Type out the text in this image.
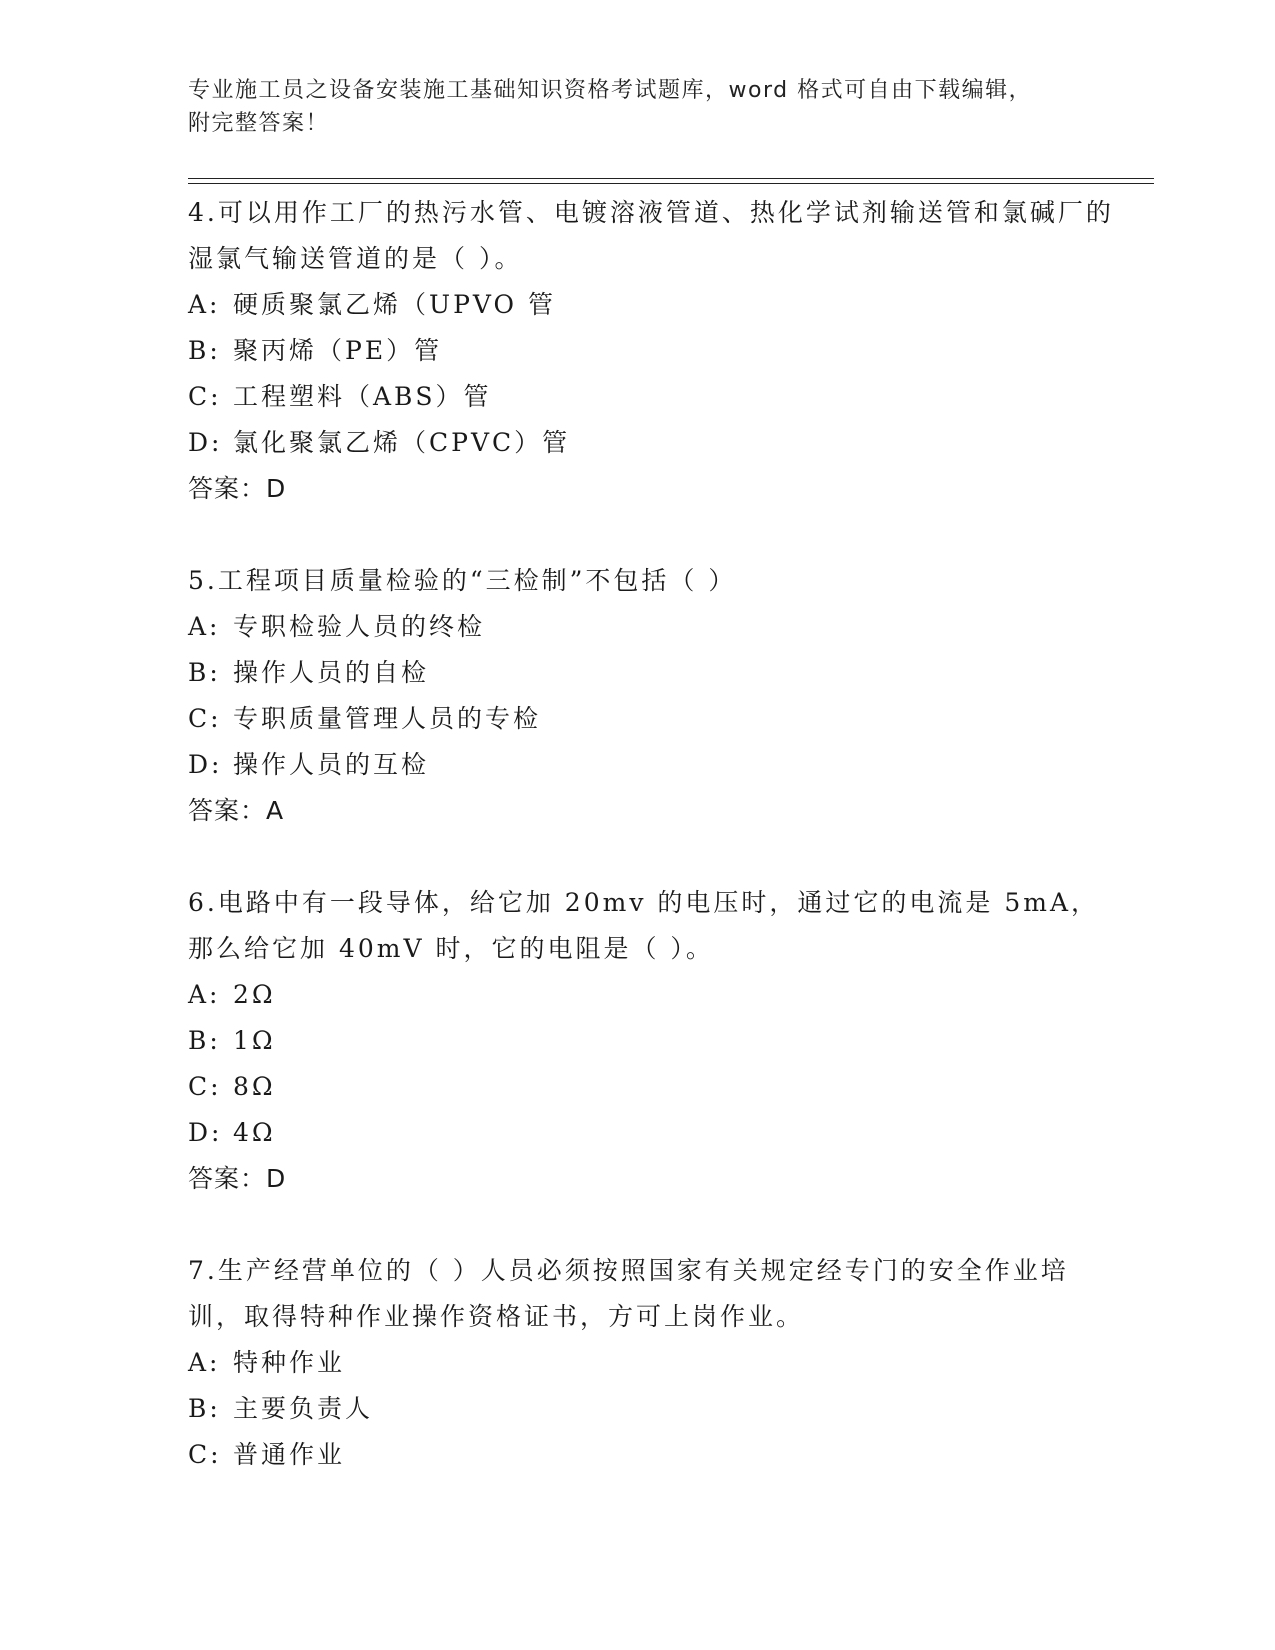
专业施工员之设备安装施工基础知识资格考试题库，word 格式可自由下载编辑，
附完整答案！
4.可以用作工厂的热污水管、电镀溶液管道、热化学试剂输送管和氯碱厂的湿氯气输送管道的是（ ）。
A: 硬质聚氯乙烯（UPVO 管
B: 聚丙烯（PE）管
C: 工程塑料（ABS）管
D: 氯化聚氯乙烯（CPVC）管
答案：D
5.工程项目质量检验的“三检制”不包括（ ）
A: 专职检验人员的终检
B: 操作人员的自检
C: 专职质量管理人员的专检
D: 操作人员的互检
答案：A
6.电路中有一段导体，给它加 20mv 的电压时，通过它的电流是 5mA，那么给它加 40mV 时，它的电阻是（ ）。
A: 2Ω
B: 1Ω
C: 8Ω
D: 4Ω
答案：D
7.生产经营单位的（ ）人员必须按照国家有关规定经专门的安全作业培训，取得特种作业操作资格证书，方可上岗作业。
A: 特种作业
B: 主要负责人
C: 普通作业
